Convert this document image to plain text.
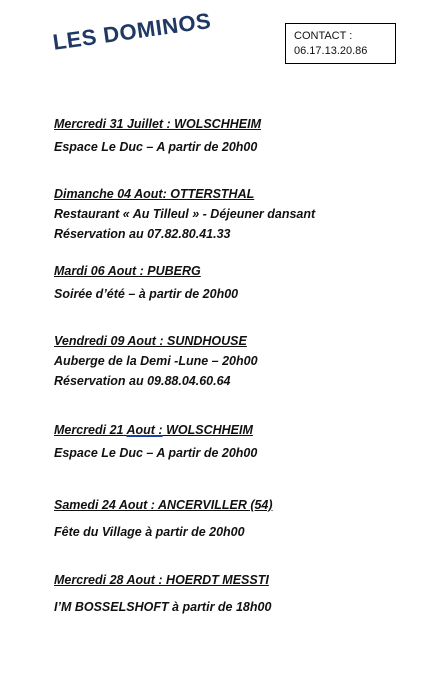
LES DOMINOS	CONTACT :
06.17.13.20.86
Mercredi 31 Juillet : WOLSCHHEIM
Espace Le Duc – A partir de 20h00
Dimanche 04 Aout: OTTERSTHAL
Restaurant « Au Tilleul » - Déjeuner dansant
Réservation au 07.82.80.41.33
Mardi 06 Aout : PUBERG
Soirée d’été – à partir de 20h00
Vendredi 09 Aout : SUNDHOUSE
Auberge de la Demi -Lune – 20h00
Réservation au 09.88.04.60.64
Mercredi 21 Aout : WOLSCHHEIM
Espace Le Duc – A partir de 20h00
Samedi 24 Aout : ANCERVILLER (54)
Fête du Village à partir de 20h00
Mercredi 28 Aout : HOERDT MESSTI
I’M BOSSELSHOFT à partir de 18h00
